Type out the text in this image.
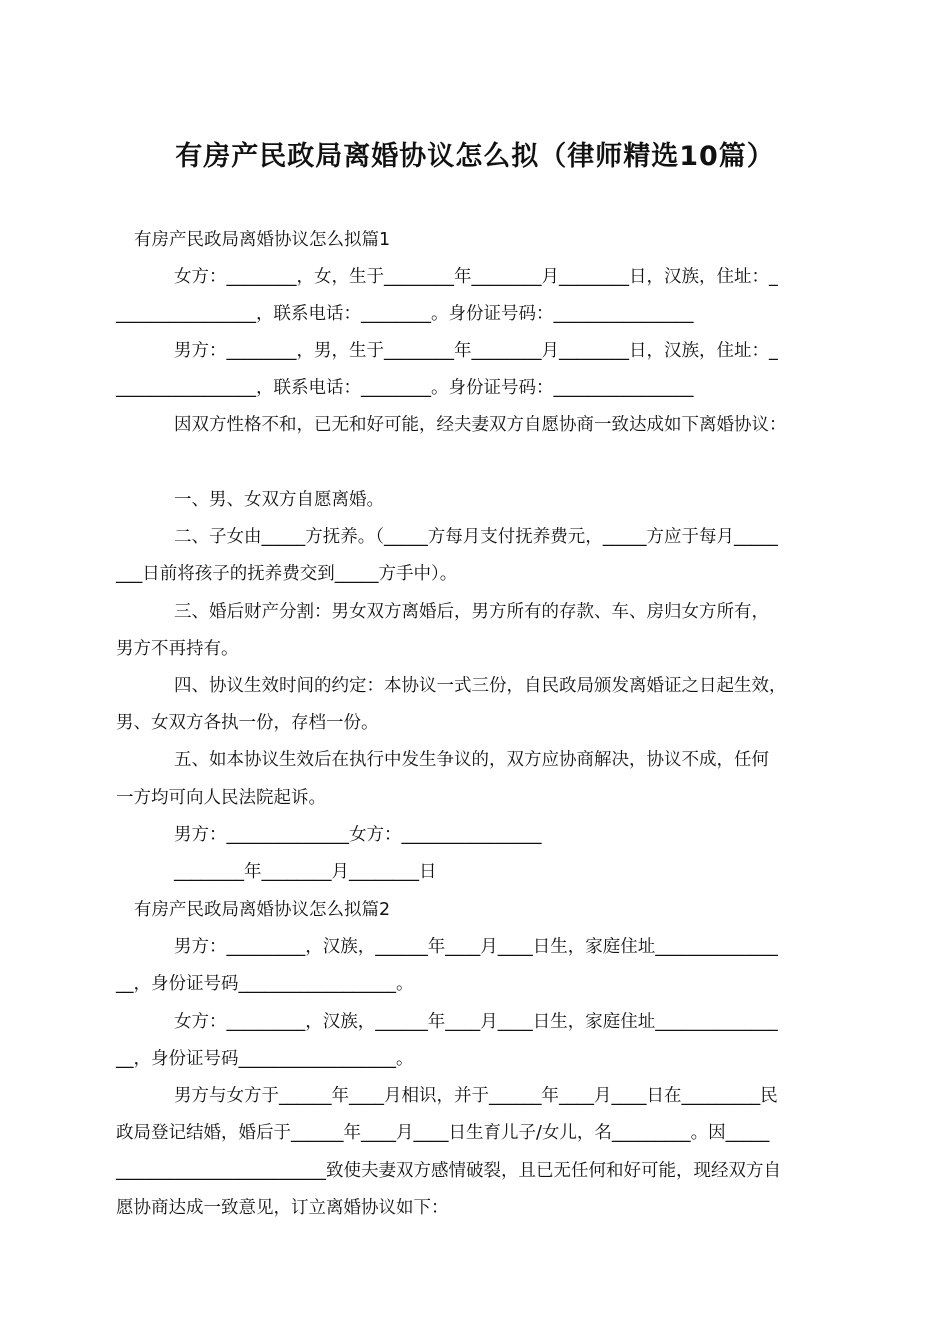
有房产民政局离婚协议怎么拟（律师精选10篇）
有房产民政局离婚协议怎么拟篇1
女方：________，女，生于________年________月________日，汉族，住址：_
________________，联系电话：________。身份证号码：________________
男方：________，男，生于________年________月________日，汉族，住址：_
________________，联系电话：________。身份证号码：________________
因双方性格不和，已无和好可能，经夫妻双方自愿协商一致达成如下离婚协议：
一、男、女双方自愿离婚。
二、子女由_____方抚养。（_____方每月支付抚养费元，_____方应于每月_____
___日前将孩子的抚养费交到_____方手中）。
三、婚后财产分割：男女双方离婚后，男方所有的存款、车、房归女方所有，
男方不再持有。
四、协议生效时间的约定：本协议一式三份，自民政局颁发离婚证之日起生效，
男、女双方各执一份，存档一份。
五、如本协议生效后在执行中发生争议的，双方应协商解决，协议不成，任何
一方均可向人民法院起诉。
男方：______________女方：________________
________年________月________日
有房产民政局离婚协议怎么拟篇2
男方：_________，汉族，______年____月____日生，家庭住址______________
__，身份证号码__________________。
女方：_________，汉族，______年____月____日生，家庭住址______________
__，身份证号码__________________。
男方与女方于______年____月相识，并于______年____月____日在_________民
政局登记结婚，婚后于______年____月____日生育儿子/女儿，名_________。因_____
________________________致使夫妻双方感情破裂，且已无任何和好可能，现经双方自
愿协商达成一致意见，订立离婚协议如下：
